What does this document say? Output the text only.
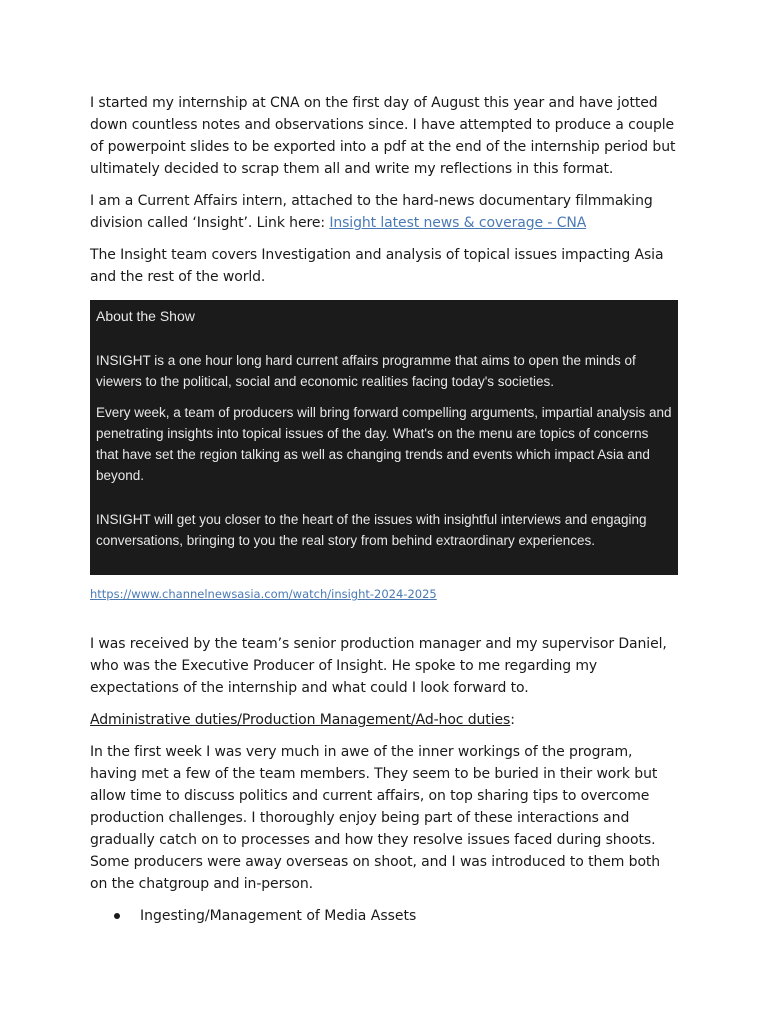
I started my internship at CNA on the first day of August this year and have jotted down countless notes and observations since. I have attempted to produce a couple of powerpoint slides to be exported into a pdf at the end of the internship period but ultimately decided to scrap them all and write my reflections in this format.

I am a Current Affairs intern, attached to the hard-news documentary filmmaking division called ‘Insight’. Link here: Insight latest news & coverage - CNA

The Insight team covers Investigation and analysis of topical issues impacting Asia and the rest of the world.

About the Show
INSIGHT is a one hour long hard current affairs programme that aims to open the minds of viewers to the political, social and economic realities facing today's societies.
Every week, a team of producers will bring forward compelling arguments, impartial analysis and penetrating insights into topical issues of the day. What's on the menu are topics of concerns that have set the region talking as well as changing trends and events which impact Asia and beyond.
INSIGHT will get you closer to the heart of the issues with insightful interviews and engaging conversations, bringing to you the real story from behind extraordinary experiences.
https://www.channelnewsasia.com/watch/insight-2024-2025

I was received by the team’s senior production manager and my supervisor Daniel, who was the Executive Producer of Insight. He spoke to me regarding my expectations of the internship and what could I look forward to.

Administrative duties/Production Management/Ad-hoc duties:

In the first week I was very much in awe of the inner workings of the program, having met a few of the team members. They seem to be buried in their work but allow time to discuss politics and current affairs, on top sharing tips to overcome production challenges. I thoroughly enjoy being part of these interactions and gradually catch on to processes and how they resolve issues faced during shoots. Some producers were away overseas on shoot, and I was introduced to them both on the chatgroup and in-person.

Ingesting/Management of Media Assets
